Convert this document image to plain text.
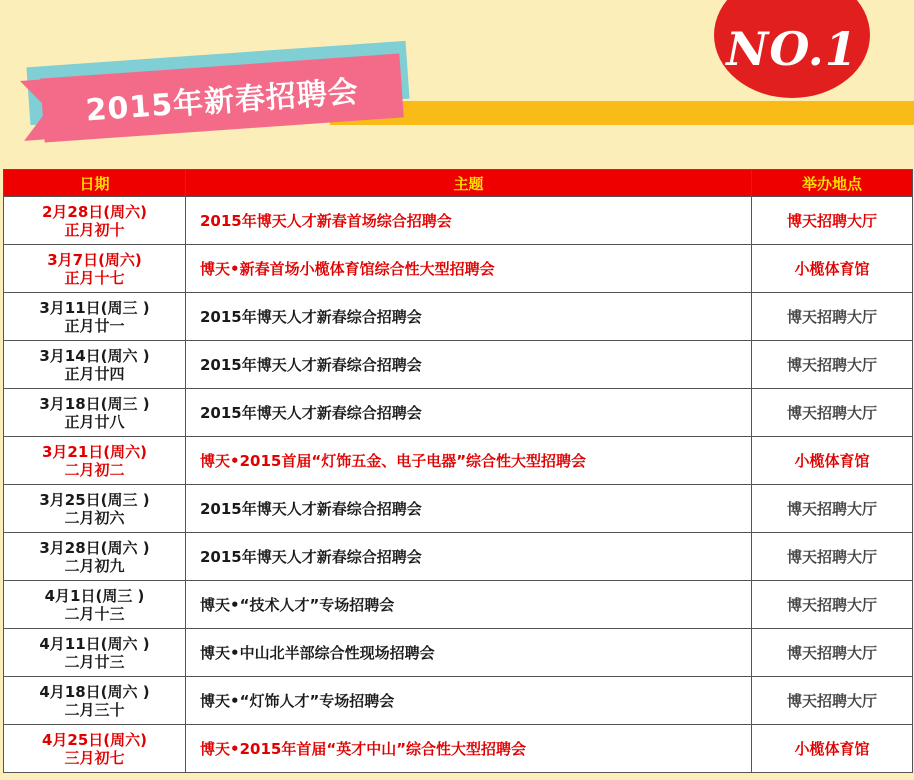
NO.1
2015年新春招聘会
日期	主题	举办地点

2月28日(周六)
正月初十	2015年博天人才新春首场综合招聘会	博天招聘大厅

3月7日(周六)
正月十七	博天•新春首场小榄体育馆综合性大型招聘会	小榄体育馆

3月11日(周三 )
正月廿一	2015年博天人才新春综合招聘会	博天招聘大厅

3月14日(周六 )
正月廿四	2015年博天人才新春综合招聘会	博天招聘大厅

3月18日(周三 )
正月廿八	2015年博天人才新春综合招聘会	博天招聘大厅

3月21日(周六)
二月初二	博天•2015首届“灯饰五金、电子电器”综合性大型招聘会	小榄体育馆

3月25日(周三 )
二月初六	2015年博天人才新春综合招聘会	博天招聘大厅

3月28日(周六 )
二月初九	2015年博天人才新春综合招聘会	博天招聘大厅

4月1日(周三 )
二月十三	博天•“技术人才”专场招聘会	博天招聘大厅

4月11日(周六 )
二月廿三	博天•中山北半部综合性现场招聘会	博天招聘大厅

4月18日(周六 )
二月三十	博天•“灯饰人才”专场招聘会	博天招聘大厅

4月25日(周六)
三月初七	博天•2015年首届“英才中山”综合性大型招聘会	小榄体育馆
